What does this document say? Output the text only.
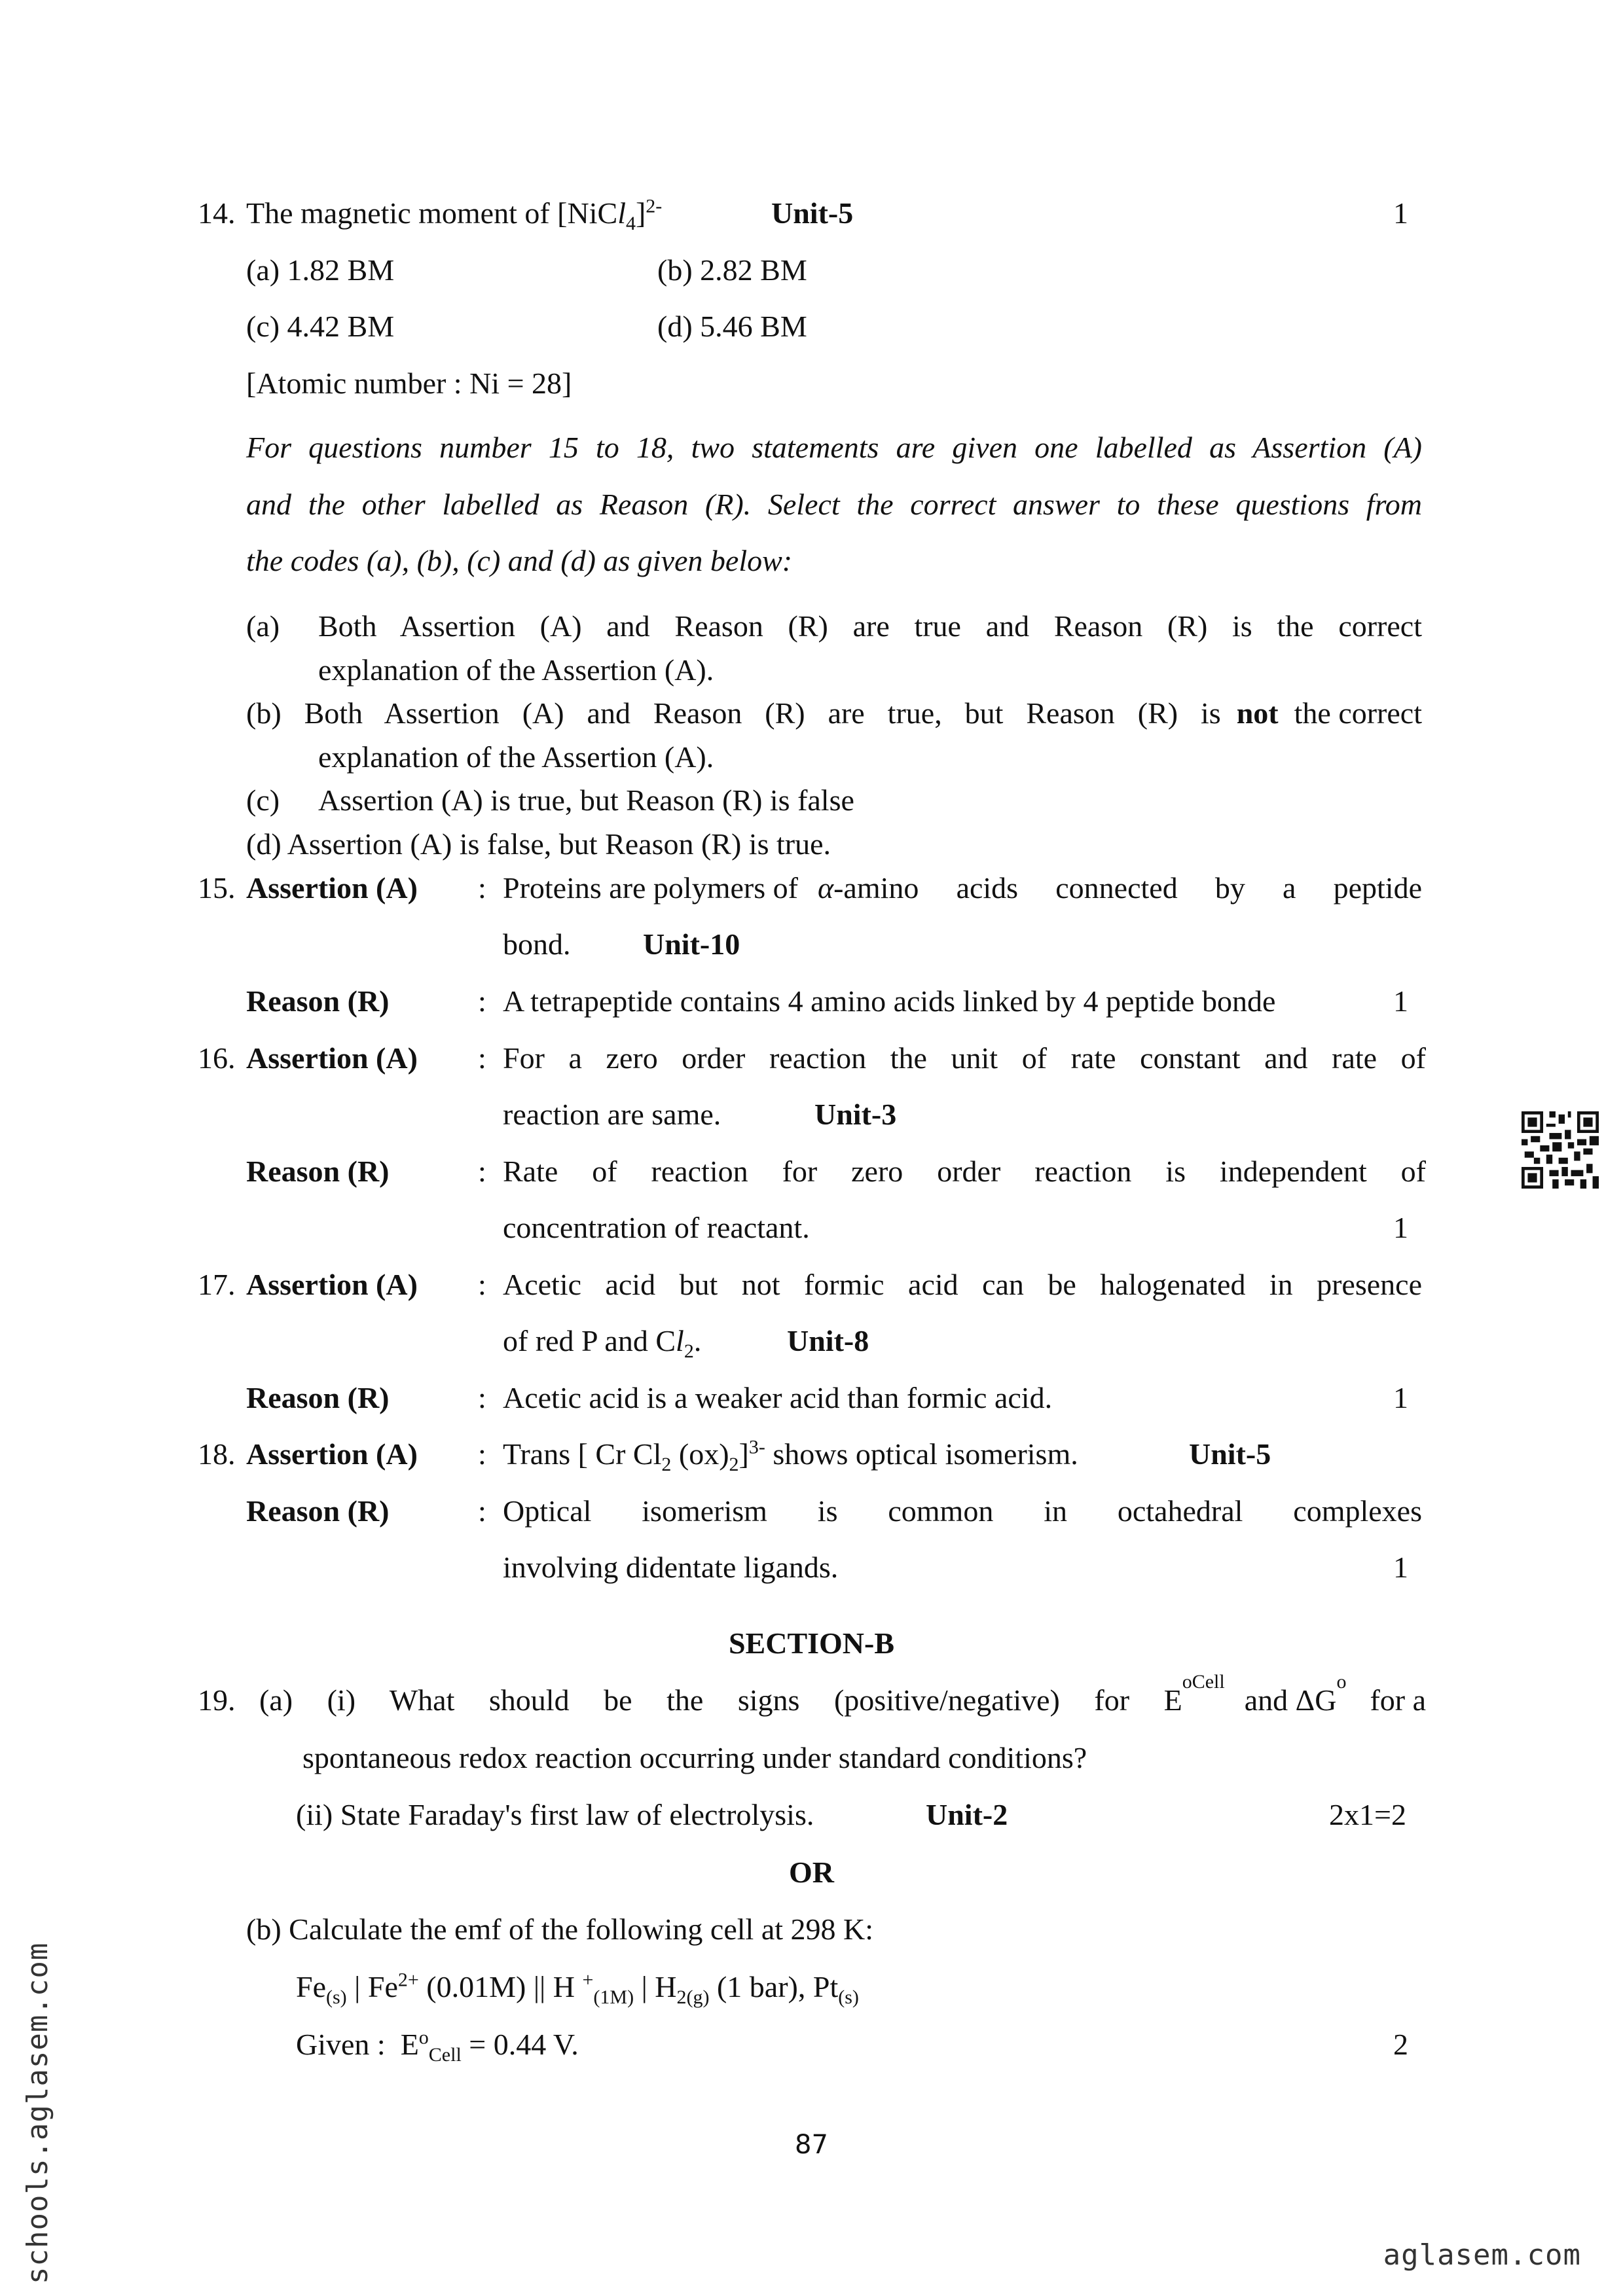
14. The magnetic moment of [NiCl$_4$]$^{2-}$	Unit-5	1
(a) 1.82 BM	(b) 2.82 BM
(c) 4.42 BM	(d) 5.46 BM
[Atomic number : Ni = 28]
For questions number 15 to 18, two statements are given one labelled as Assertion (A)
and the other labelled as Reason (R). Select the correct answer to these questions from
the codes (a), (b), (c) and (d) as given below:
(a) Both Assertion (A) and Reason (R) are true and Reason (R) is the correct
explanation of the Assertion (A).
(b) Both Assertion (A) and Reason (R) are true, but Reason (R) is not the correct
explanation of the Assertion (A).
(c) Assertion (A) is true, but Reason (R) is false
(d) Assertion (A) is false, but Reason (R) is true.
15. Assertion (A) : Proteins are polymers of α -amino acids connected by a peptide
bond. Unit-10
Reason (R)	: A tetrapeptide contains 4 amino acids linked by 4 peptide bonde	1
16. Assertion (A) : For a zero order reaction the unit of rate constant and rate of
reaction are same.	Unit-3
Reason (R)	: Rate of reaction for zero order reaction is independent of
concentration of reactant.	1
17. Assertion (A) : Acetic acid but not formic acid can be halogenated in presence
of red P and $Cl_2$.	Unit-8
Reason (R)	: Acetic acid is a weaker acid than formic acid.	1
18. Assertion (A) : Trans [ Cr $Cl_2$ $(ox)_2]^{3-}$ shows optical isomerism.	Unit-5
Reason (R)	: Optical isomerism is common in octahedral complexes
involving didentate ligands.	1
SECTION-B
19. (a) (i) What should be the signs (positive/negative) for E
o Cell
and ΔG
o
for a
spontaneous redox reaction occurring under standard conditions?
(ii) State Faraday's first law of electrolysis.	Unit-2	2x1=2
OR
(b) Calculate the emf of the following cell at 298 K:
$Fe_{(s)}$ | $Fe^{2+}$ (0.01M) || H +$_{(1M)}$ | $H_{2(g)}$ (1 bar), $Pt_{(s)}$
Given :  $E^o_{Cell} = 0.44$ V.	2
87
schools.aglasem.com	aglasem.com
